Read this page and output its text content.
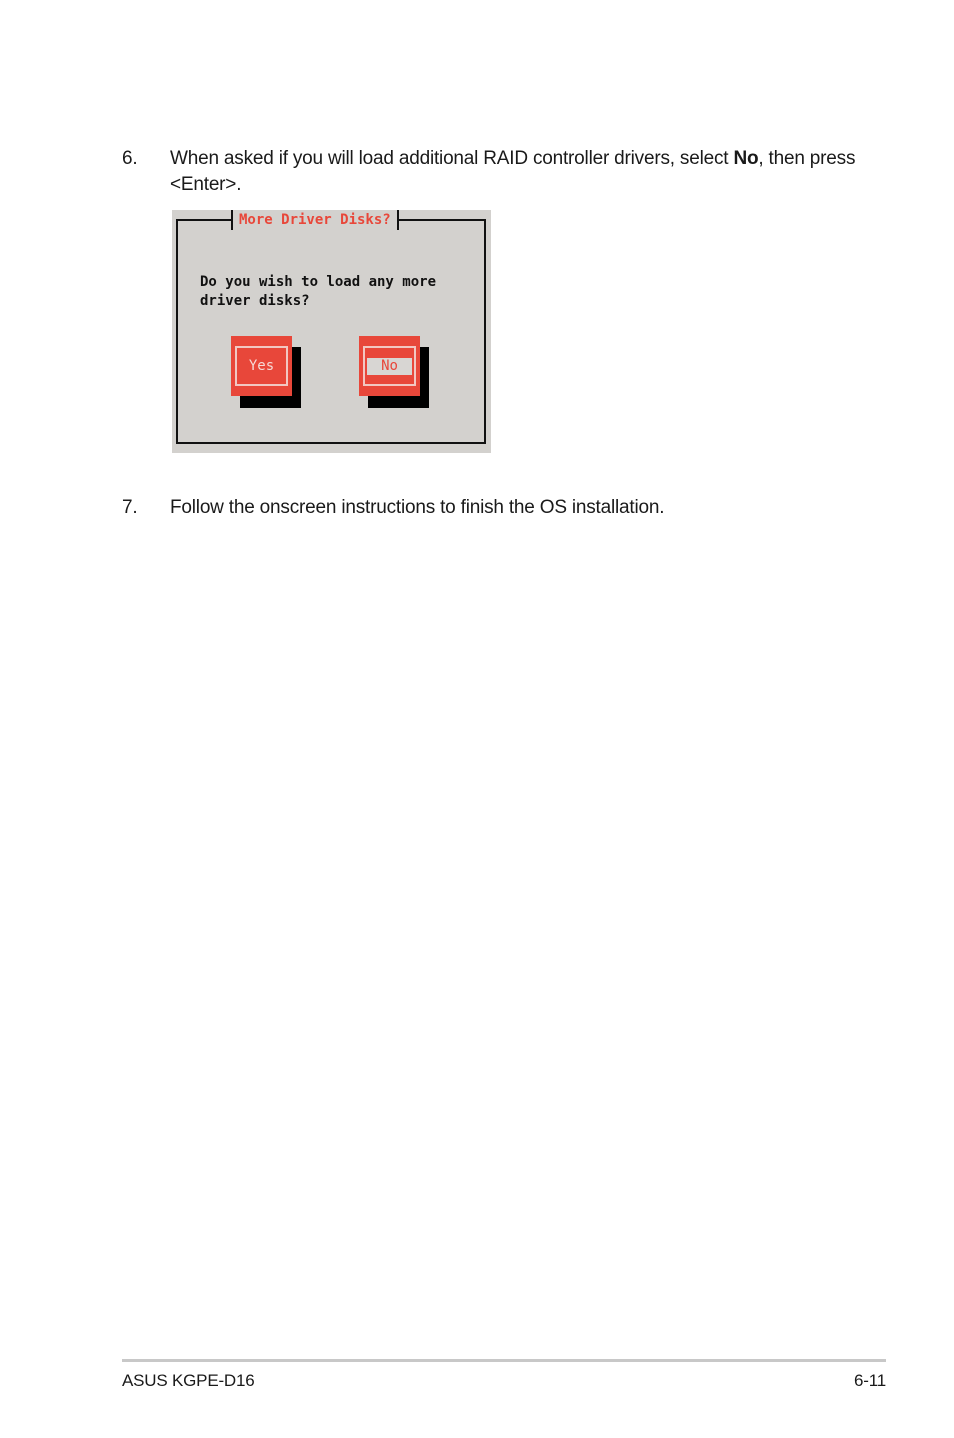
6. When asked if you will load additional RAID controller drivers, select No, then press <Enter>.
Do you wish to load any more
driver disks?
More Driver Disks?
Yes	No
7. Follow the onscreen instructions to finish the OS installation.
ASUS KGPE-D16	6-11
